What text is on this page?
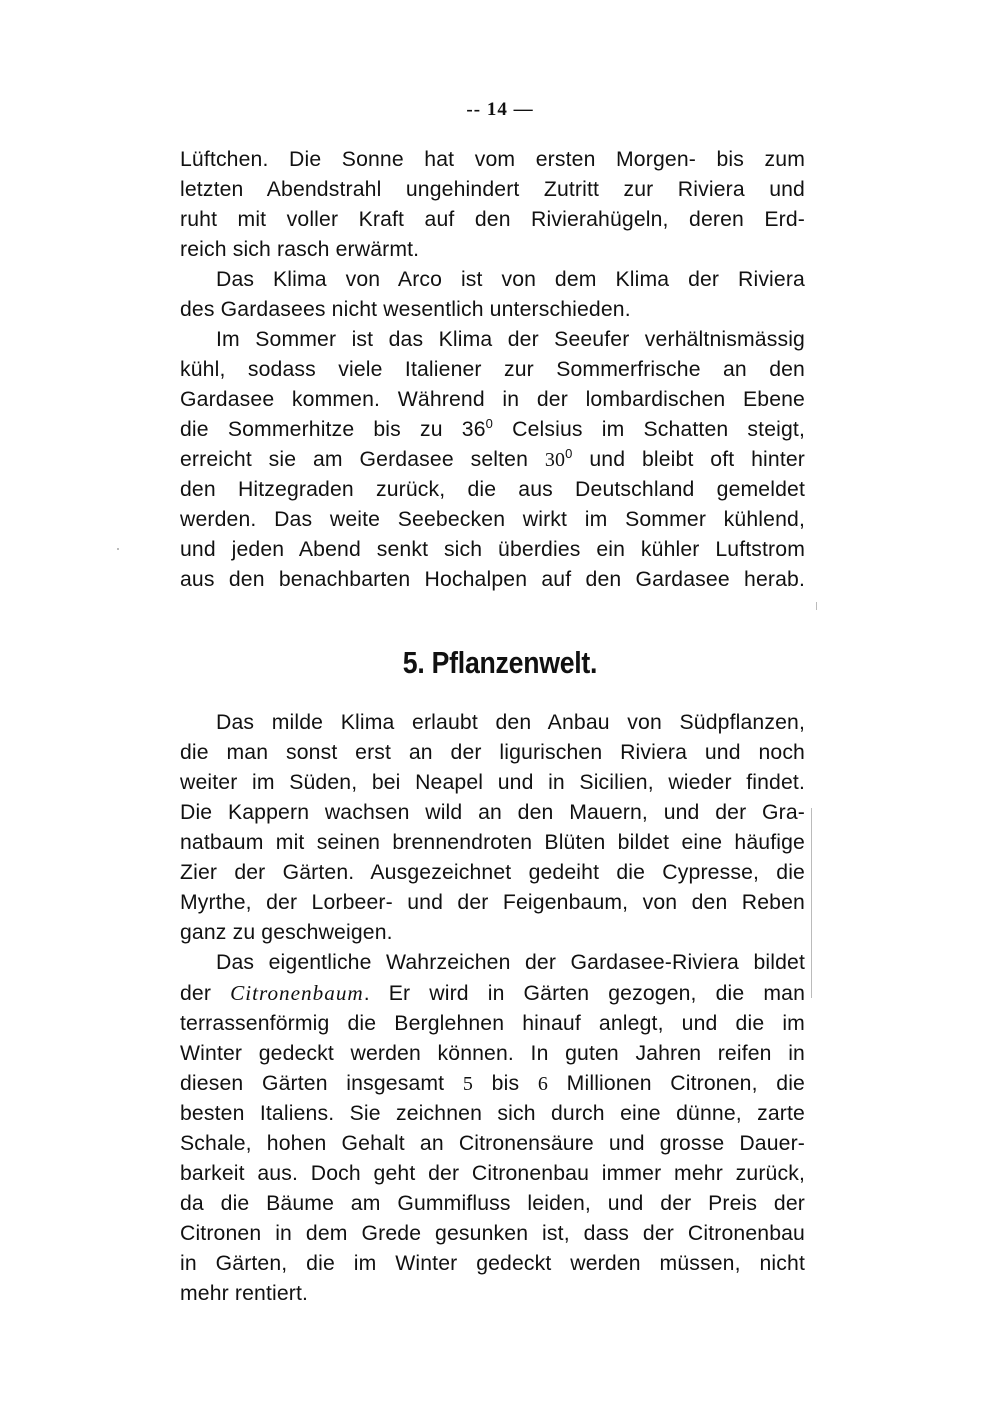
-- 14 —
Lüftchen. Die Sonne hat vom ersten Morgen- bis zum
letzten Abendstrahl ungehindert Zutritt zur Riviera und
ruht mit voller Kraft auf den Rivierahügeln, deren Erd-
reich sich rasch erwärmt.
Das Klima von Arco ist von dem Klima der Riviera
des Gardasees nicht wesentlich unterschieden.
Im Sommer ist das Klima der Seeufer verhältnismässig
kühl, sodass viele Italiener zur Sommerfrische an den
Gardasee kommen. Während in der lombardischen Ebene
die Sommerhitze bis zu $36^0$ Celsius im Schatten steigt,
erreicht sie am Gerdasee selten $30^0$ und bleibt oft hinter
den Hitzegraden zurück, die aus Deutschland gemeldet
werden. Das weite Seebecken wirkt im Sommer kühlend,
und jeden Abend senkt sich überdies ein kühler Luftstrom
aus den benachbarten Hochalpen auf den Gardasee herab.
5. Pflanzenwelt.
Das milde Klima erlaubt den Anbau von Südpflanzen,
die man sonst erst an der ligurischen Riviera und noch
weiter im Süden, bei Neapel und in Sicilien, wieder findet.
Die Kappern wachsen wild an den Mauern, und der Gra-
natbaum mit seinen brennendroten Blüten bildet eine häufige
Zier der Gärten. Ausgezeichnet gedeiht die Cypresse, die
Myrthe, der Lorbeer- und der Feigenbaum, von den Reben
ganz zu geschweigen.
Das eigentliche Wahrzeichen der Gardasee-Riviera bildet
der Citronenbaum. Er wird in Gärten gezogen, die man
terrassenförmig die Berglehnen hinauf anlegt, und die im
Winter gedeckt werden können. In guten Jahren reifen in
diesen Gärten insgesamt 5 bis 6 Millionen Citronen, die
besten Italiens. Sie zeichnen sich durch eine dünne, zarte
Schale, hohen Gehalt an Citronensäure und grosse Dauer-
barkeit aus. Doch geht der Citronenbau immer mehr zurück,
da die Bäume am Gummifluss leiden, und der Preis der
Citronen in dem Grede gesunken ist, dass der Citronenbau
in Gärten, die im Winter gedeckt werden müssen, nicht
mehr rentiert.
